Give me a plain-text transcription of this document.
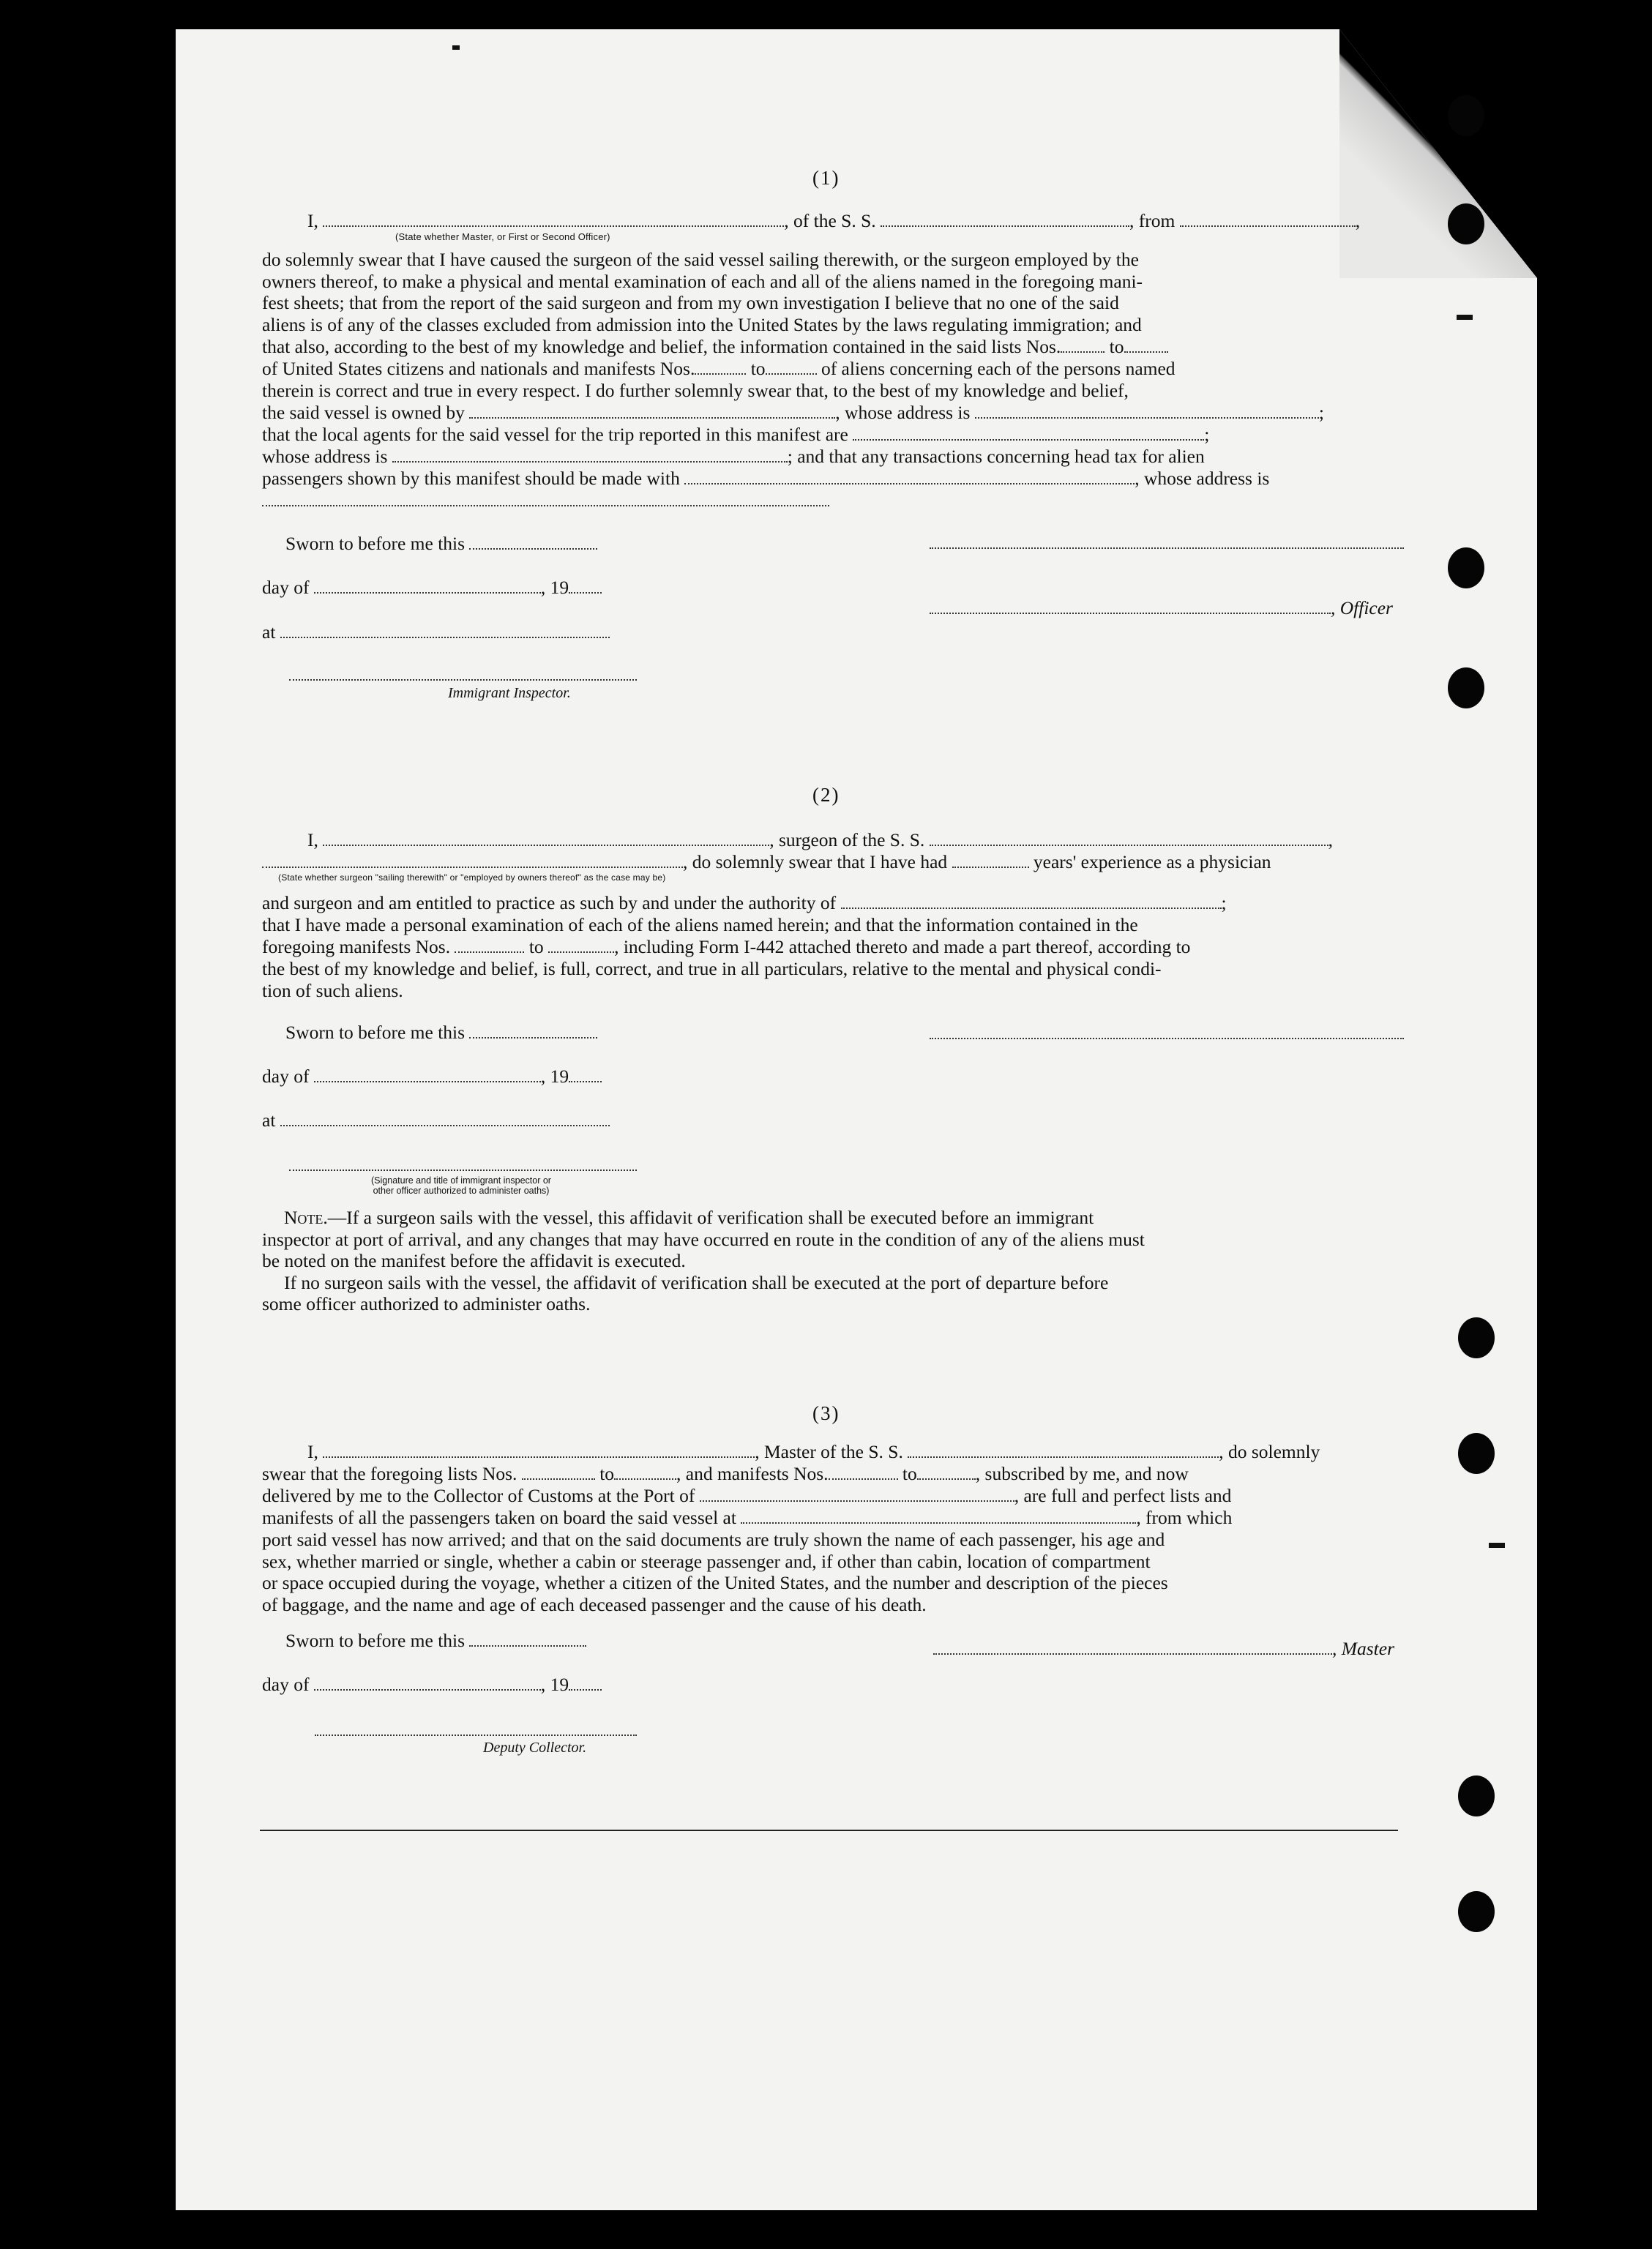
(1)
I,	, of the S. S.	, from	,
(State whether Master, or First or Second Officer)
do solemnly swear that I have caused the surgeon of the said vessel sailing therewith, or the surgeon employed by the
owners thereof, to make a physical and mental examination of each and all of the aliens named in the foregoing mani-
fest sheets; that from the report of the said surgeon and from my own investigation I believe that no one of the said
aliens is of any of the classes excluded from admission into the United States by the laws regulating immigration; and
that also, according to the best of my knowledge and belief, the information contained in the said lists Nos.	to
of United States citizens and nationals and manifests Nos.	to	of aliens concerning each of the persons named
therein is correct and true in every respect. I do further solemnly swear that, to the best of my knowledge and belief,
the said vessel is owned by	, whose address is	;
that the local agents for the said vessel for the trip reported in this manifest are	;
whose address is	; and that any transactions concerning head tax for alien
passengers shown by this manifest should be made with	, whose address is
Sworn to before me this
day of	, 19
, Officer
at
Immigrant Inspector.
(2)
I,	, surgeon of the S. S.	,
, do solemnly swear that I have had	years' experience as a physician
(State whether surgeon "sailing therewith" or "employed by owners thereof" as the case may be)
and surgeon and am entitled to practice as such by and under the authority of	;
that I have made a personal examination of each of the aliens named herein; and that the information contained in the
foregoing manifests Nos.	to	, including Form I-442 attached thereto and made a part thereof, according to
the best of my knowledge and belief, is full, correct, and true in all particulars, relative to the mental and physical condi-
tion of such aliens.
Sworn to before me this
day of	, 19
at
(Signature and title of immigrant inspector or
other officer authorized to administer oaths)
Note.—If a surgeon sails with the vessel, this affidavit of verification shall be executed before an immigrant
inspector at port of arrival, and any changes that may have occurred en route in the condition of any of the aliens must
be noted on the manifest before the affidavit is executed.
If no surgeon sails with the vessel, the affidavit of verification shall be executed at the port of departure before
some officer authorized to administer oaths.
(3)
I,	, Master of the S. S.	, do solemnly
swear that the foregoing lists Nos.	to	, and manifests Nos.	to	, subscribed by me, and now
delivered by me to the Collector of Customs at the Port of	, are full and perfect lists and
manifests of all the passengers taken on board the said vessel at	, from which
port said vessel has now arrived; and that on the said documents are truly shown the name of each passenger, his age and
sex, whether married or single, whether a cabin or steerage passenger and, if other than cabin, location of compartment
or space occupied during the voyage, whether a citizen of the United States, and the number and description of the pieces
of baggage, and the name and age of each deceased passenger and the cause of his death.
Sworn to before me this	, Master
day of	, 19
Deputy Collector.
